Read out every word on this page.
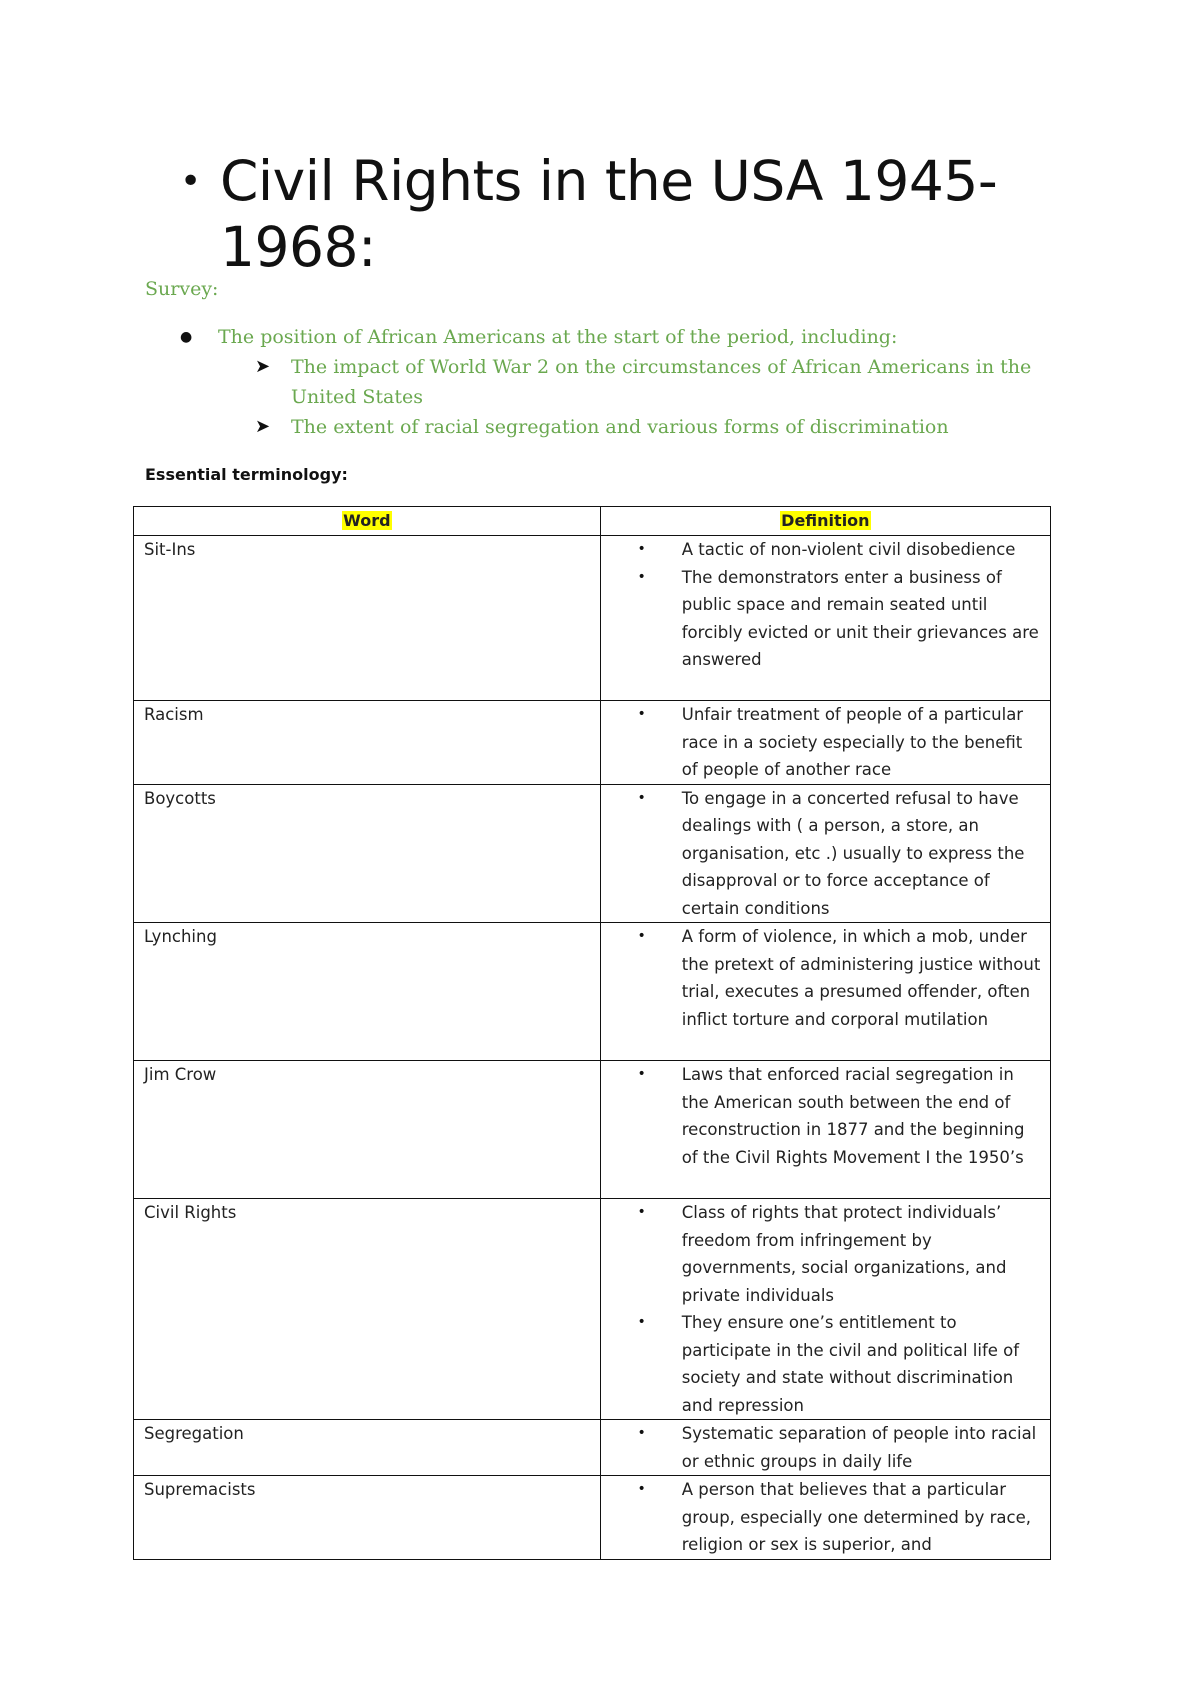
• Civil Rights in the USA 1945-
1968:
Survey:
●	The position of African Americans at the start of the period, including:
➤	The impact of World War 2 on the circumstances of African Americans in the United States
➤	The extent of racial segregation and various forms of discrimination
Essential terminology:
Word	Definition
Sit-Ins	• A tactic of non-violent civil disobedience
• The demonstrators enter a business of public space and remain seated until forcibly evicted or unit their grievances are answered

Racism	• Unfair treatment of people of a particular race in a society especially to the benefit of people of another race

Boycotts	• To engage in a concerted refusal to have dealings with ( a person, a store, an organisation, etc .) usually to express the disapproval or to force acceptance of certain conditions

Lynching	• A form of violence, in which a mob, under the pretext of administering justice without trial, executes a presumed offender, often inflict torture and corporal mutilation

Jim Crow	• Laws that enforced racial segregation in the American south between the end of reconstruction in 1877 and the beginning of the Civil Rights Movement I the 1950’s

Civil Rights	• Class of rights that protect individuals’ freedom from infringement by governments, social organizations, and private individuals
• They ensure one’s entitlement to participate in the civil and political life of society and state without discrimination and repression

Segregation	• Systematic separation of people into racial or ethnic groups in daily life

Supremacists	• A person that believes that a particular group, especially one determined by race, religion or sex is superior, and
